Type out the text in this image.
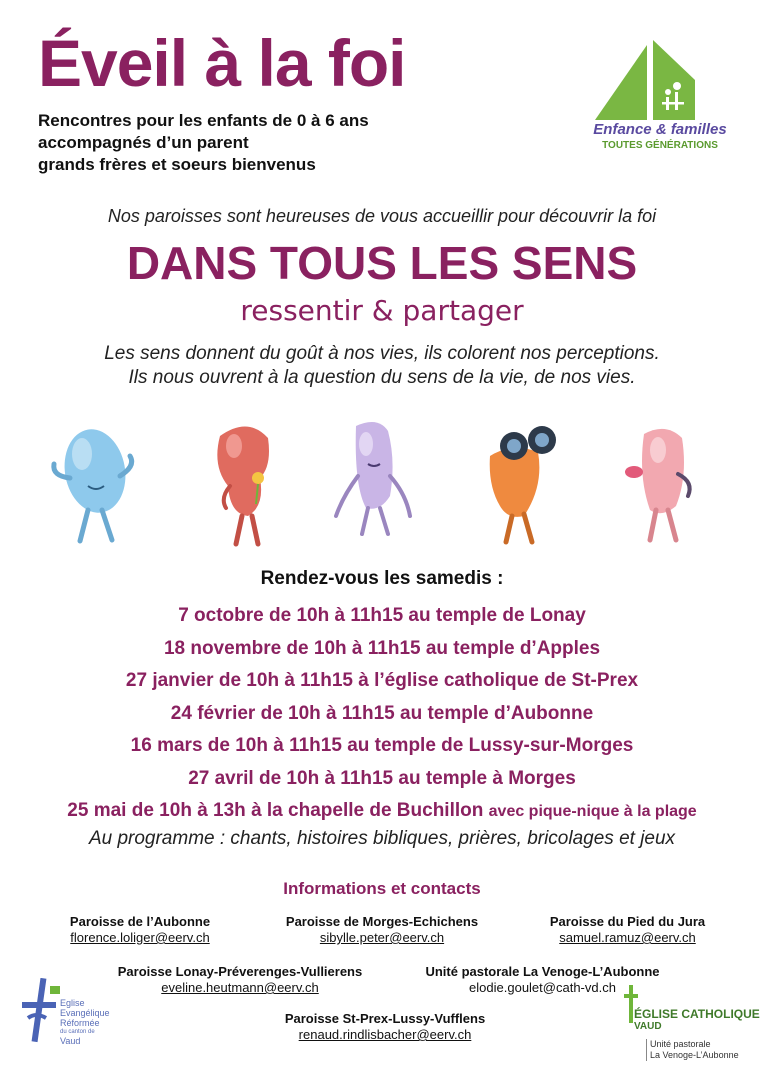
Éveil à la foi
Rencontres pour les enfants de 0 à 6 ans
accompagnés d’un parent
grands frères et soeurs bienvenus
Enfance & familles
TOUTES GÉNÉRATIONS
Nos paroisses sont heureuses de vous accueillir pour découvrir la foi
DANS TOUS LES SENS
ressentir & partager
Les sens donnent du goût à nos vies, ils colorent nos perceptions.
Ils nous ouvrent à la question du sens de la vie, de nos vies.
Rendez-vous les samedis :
7 octobre de 10h à 11h15 au temple de Lonay
18 novembre de 10h à 11h15 au temple d’Apples
27 janvier de 10h à 11h15 à l’église catholique de St-Prex
24 février de 10h à 11h15 au temple d’Aubonne
16 mars de 10h à 11h15 au temple de Lussy-sur-Morges
27 avril de 10h à 11h15 au temple à Morges
25 mai de 10h à 13h à la chapelle de Buchillon avec pique-nique à la plage
Au programme : chants, histoires bibliques, prières, bricolages et jeux
Informations et contacts
Paroisse de l’Aubonne
florence.loliger@eerv.ch
Paroisse de Morges-Echichens
sibylle.peter@eerv.ch
Paroisse du Pied du Jura
samuel.ramuz@eerv.ch
Paroisse Lonay-Préverenges-Vullierens
eveline.heutmann@eerv.ch
Unité pastorale La Venoge-L’Aubonne
elodie.goulet@cath-vd.ch
Paroisse St-Prex-Lussy-Vufflens
renaud.rindlisbacher@eerv.ch
Eglise
Evangélique
Réformée
du canton de
Vaud
ÉGLISE CATHOLIQUE
VAUD
Unité pastorale
La Venoge-L’Aubonne
